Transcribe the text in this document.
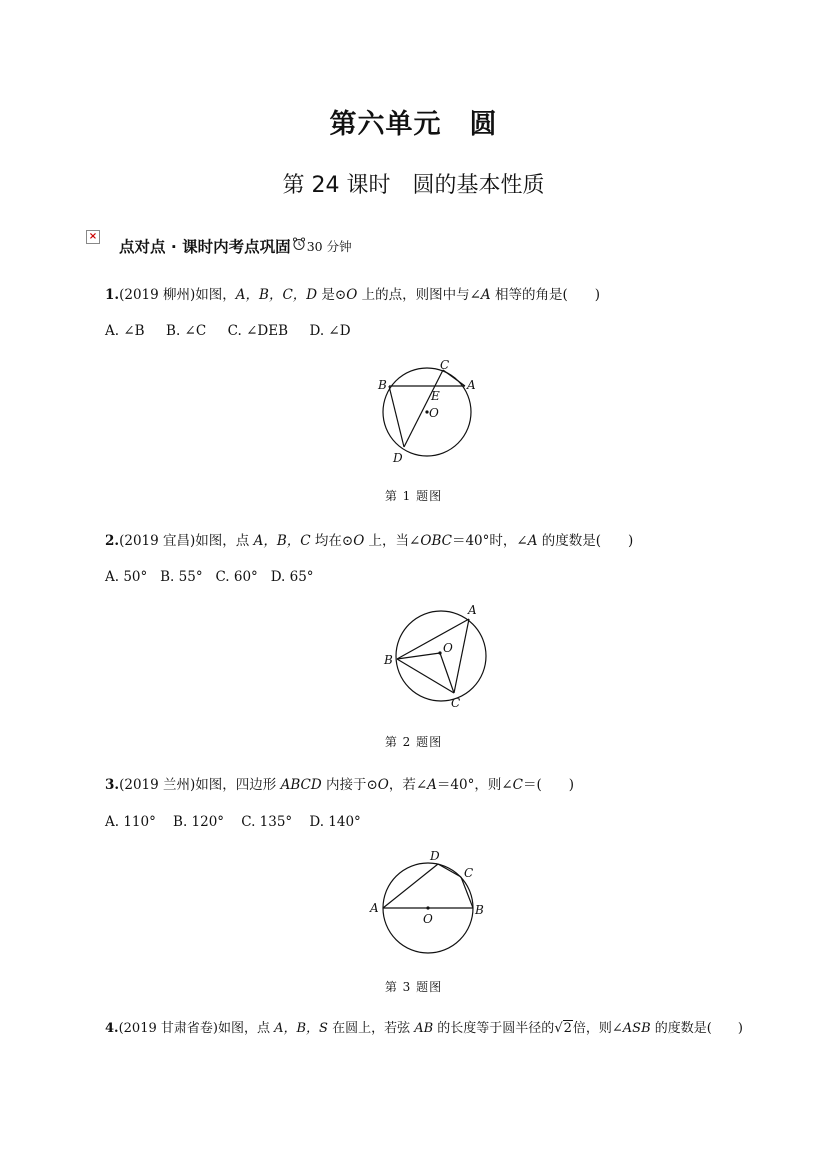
第六单元　圆
第 24 课时　圆的基本性质
×
点对点 · 课时内考点巩固 30 分钟
1.(2019 柳州)如图，A，B，C，D 是⊙O 上的点，则图中与∠A 相等的角是(　　)
A. ∠B B. ∠C C. ∠DEB D. ∠D
B
C
A
E
O
D
第 1 题图
2.(2019 宜昌)如图，点 A，B，C 均在⊙O 上，当∠OBC＝40°时，∠A 的度数是(　　)
A. 50° B. 55° C. 60° D. 65°
A
O
B
C
第 2 题图
3.(2019 兰州)如图，四边形 ABCD 内接于⊙O，若∠A＝40°，则∠C＝(　　)
A. 110° B. 120° C. 135° D. 140°
D
C
A	B
O
第 3 题图
4.(2019 甘肃省卷)如图，点 A，B，S 在圆上，若弦 AB 的长度等于圆半径的√2倍，则∠ASB 的度数是(　　)
